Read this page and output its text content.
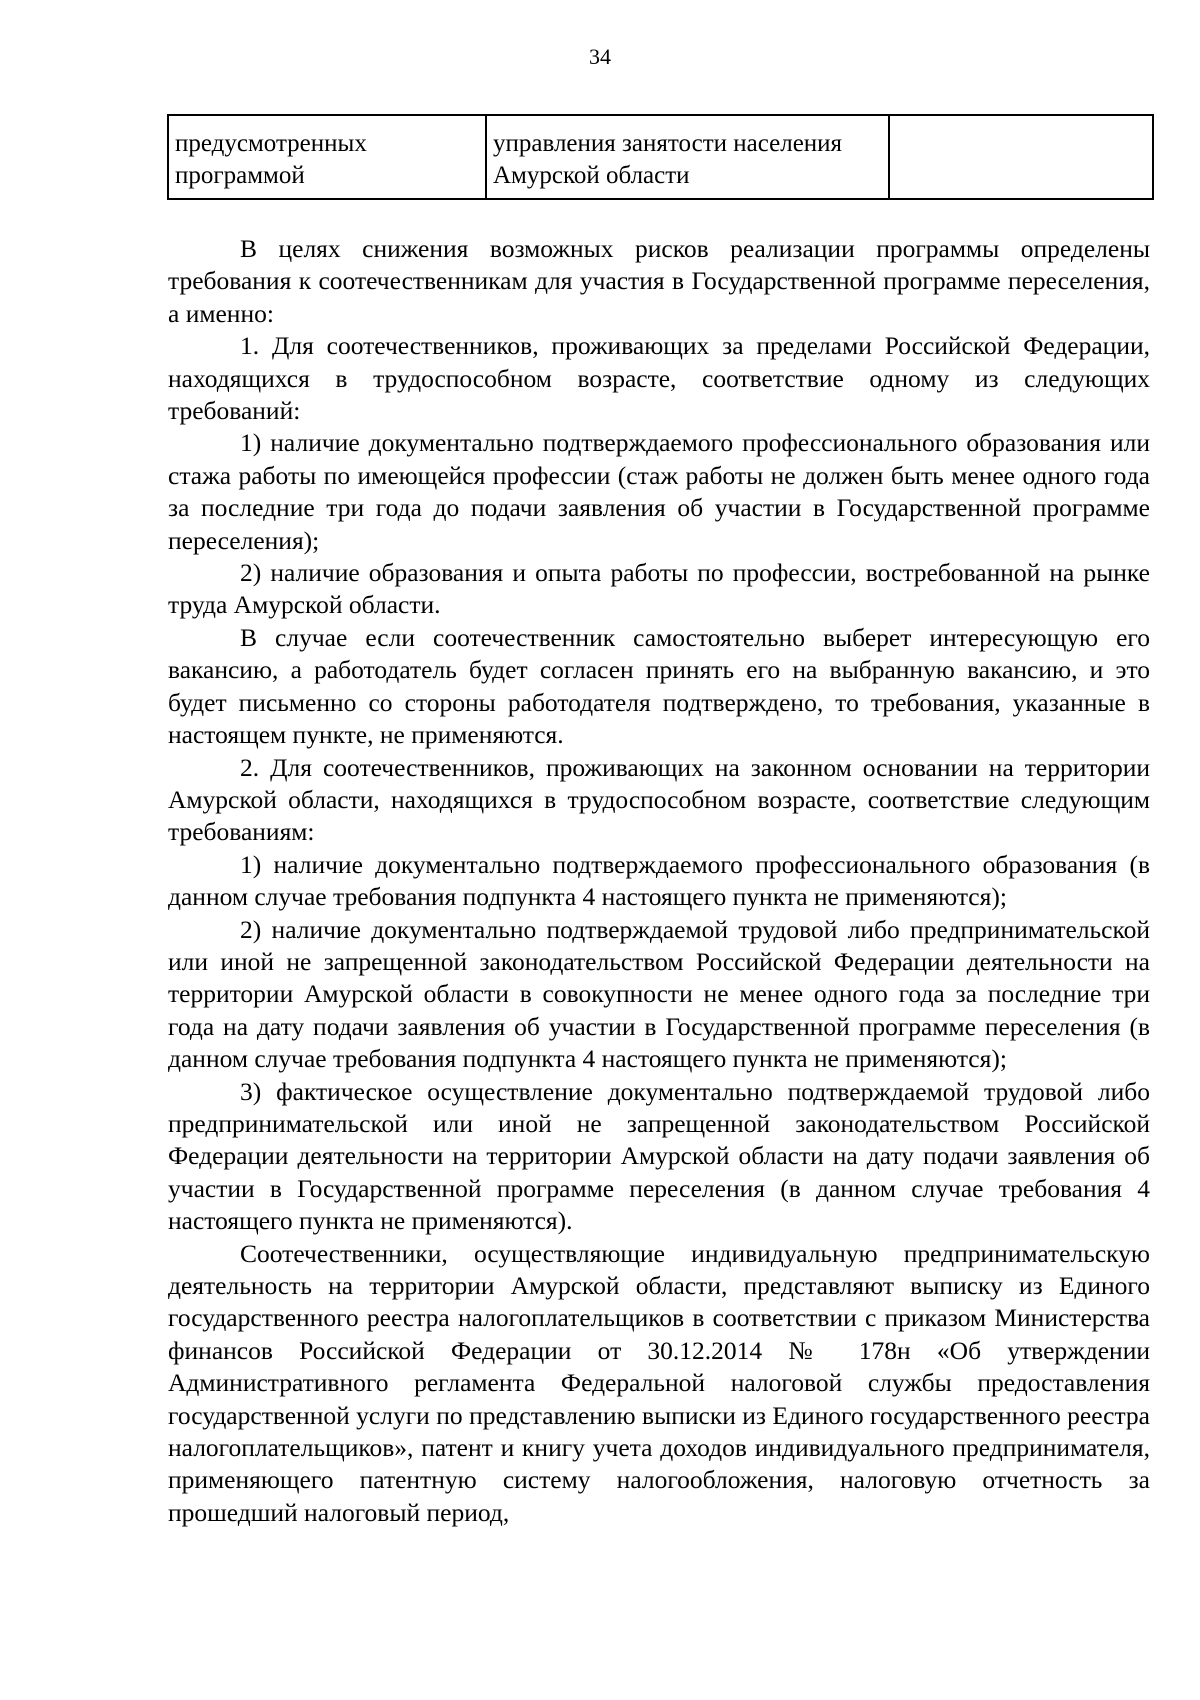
34
предусмотренных программой	управления занятости населения Амурской области	

В целях снижения возможных рисков реализации программы определены требования к соотечественникам для участия в Государственной программе переселения, а именно:

1. Для соотечественников, проживающих за пределами Российской Федерации, находящихся в трудоспособном возрасте, соответствие одному из следующих требований:

1) наличие документально подтверждаемого профессионального образования или стажа работы по имеющейся профессии (стаж работы не должен быть менее одного года за последние три года до подачи заявления об участии в Государственной программе переселения);

2) наличие образования и опыта работы по профессии, востребованной на рынке труда Амурской области.

В случае если соотечественник самостоятельно выберет интересующую его вакансию, а работодатель будет согласен принять его на выбранную вакансию, и это будет письменно со стороны работодателя подтверждено, то требования, указанные в настоящем пункте, не применяются.

2. Для соотечественников, проживающих на законном основании на территории Амурской области, находящихся в трудоспособном возрасте, соответствие следующим требованиям:

1) наличие документально подтверждаемого профессионального образования (в данном случае требования подпункта 4 настоящего пункта не применяются);

2) наличие документально подтверждаемой трудовой либо предпринимательской или иной не запрещенной законодательством Российской Федерации деятельности на территории Амурской области в совокупности не менее одного года за последние три года на дату подачи заявления об участии в Государственной программе переселения (в данном случае требования подпункта 4 настоящего пункта не применяются);

3) фактическое осуществление документально подтверждаемой трудовой либо предпринимательской или иной не запрещенной законодательством Российской Федерации деятельности на территории Амурской области на дату подачи заявления об участии в Государственной программе переселения (в данном случае требования 4 настоящего пункта не применяются).

Соотечественники, осуществляющие индивидуальную предпринимательскую деятельность на территории Амурской области, представляют выписку из Единого государственного реестра налогоплательщиков в соответствии с приказом Министерства финансов Российской Федерации от 30.12.2014 № 178н «Об утверждении Административного регламента Федеральной налоговой службы предоставления государственной услуги по представлению выписки из Единого государственного реестра налогоплательщиков», патент и книгу учета доходов индивидуального предпринимателя, применяющего патентную систему налогообложения, налоговую отчетность за прошедший налоговый период,
